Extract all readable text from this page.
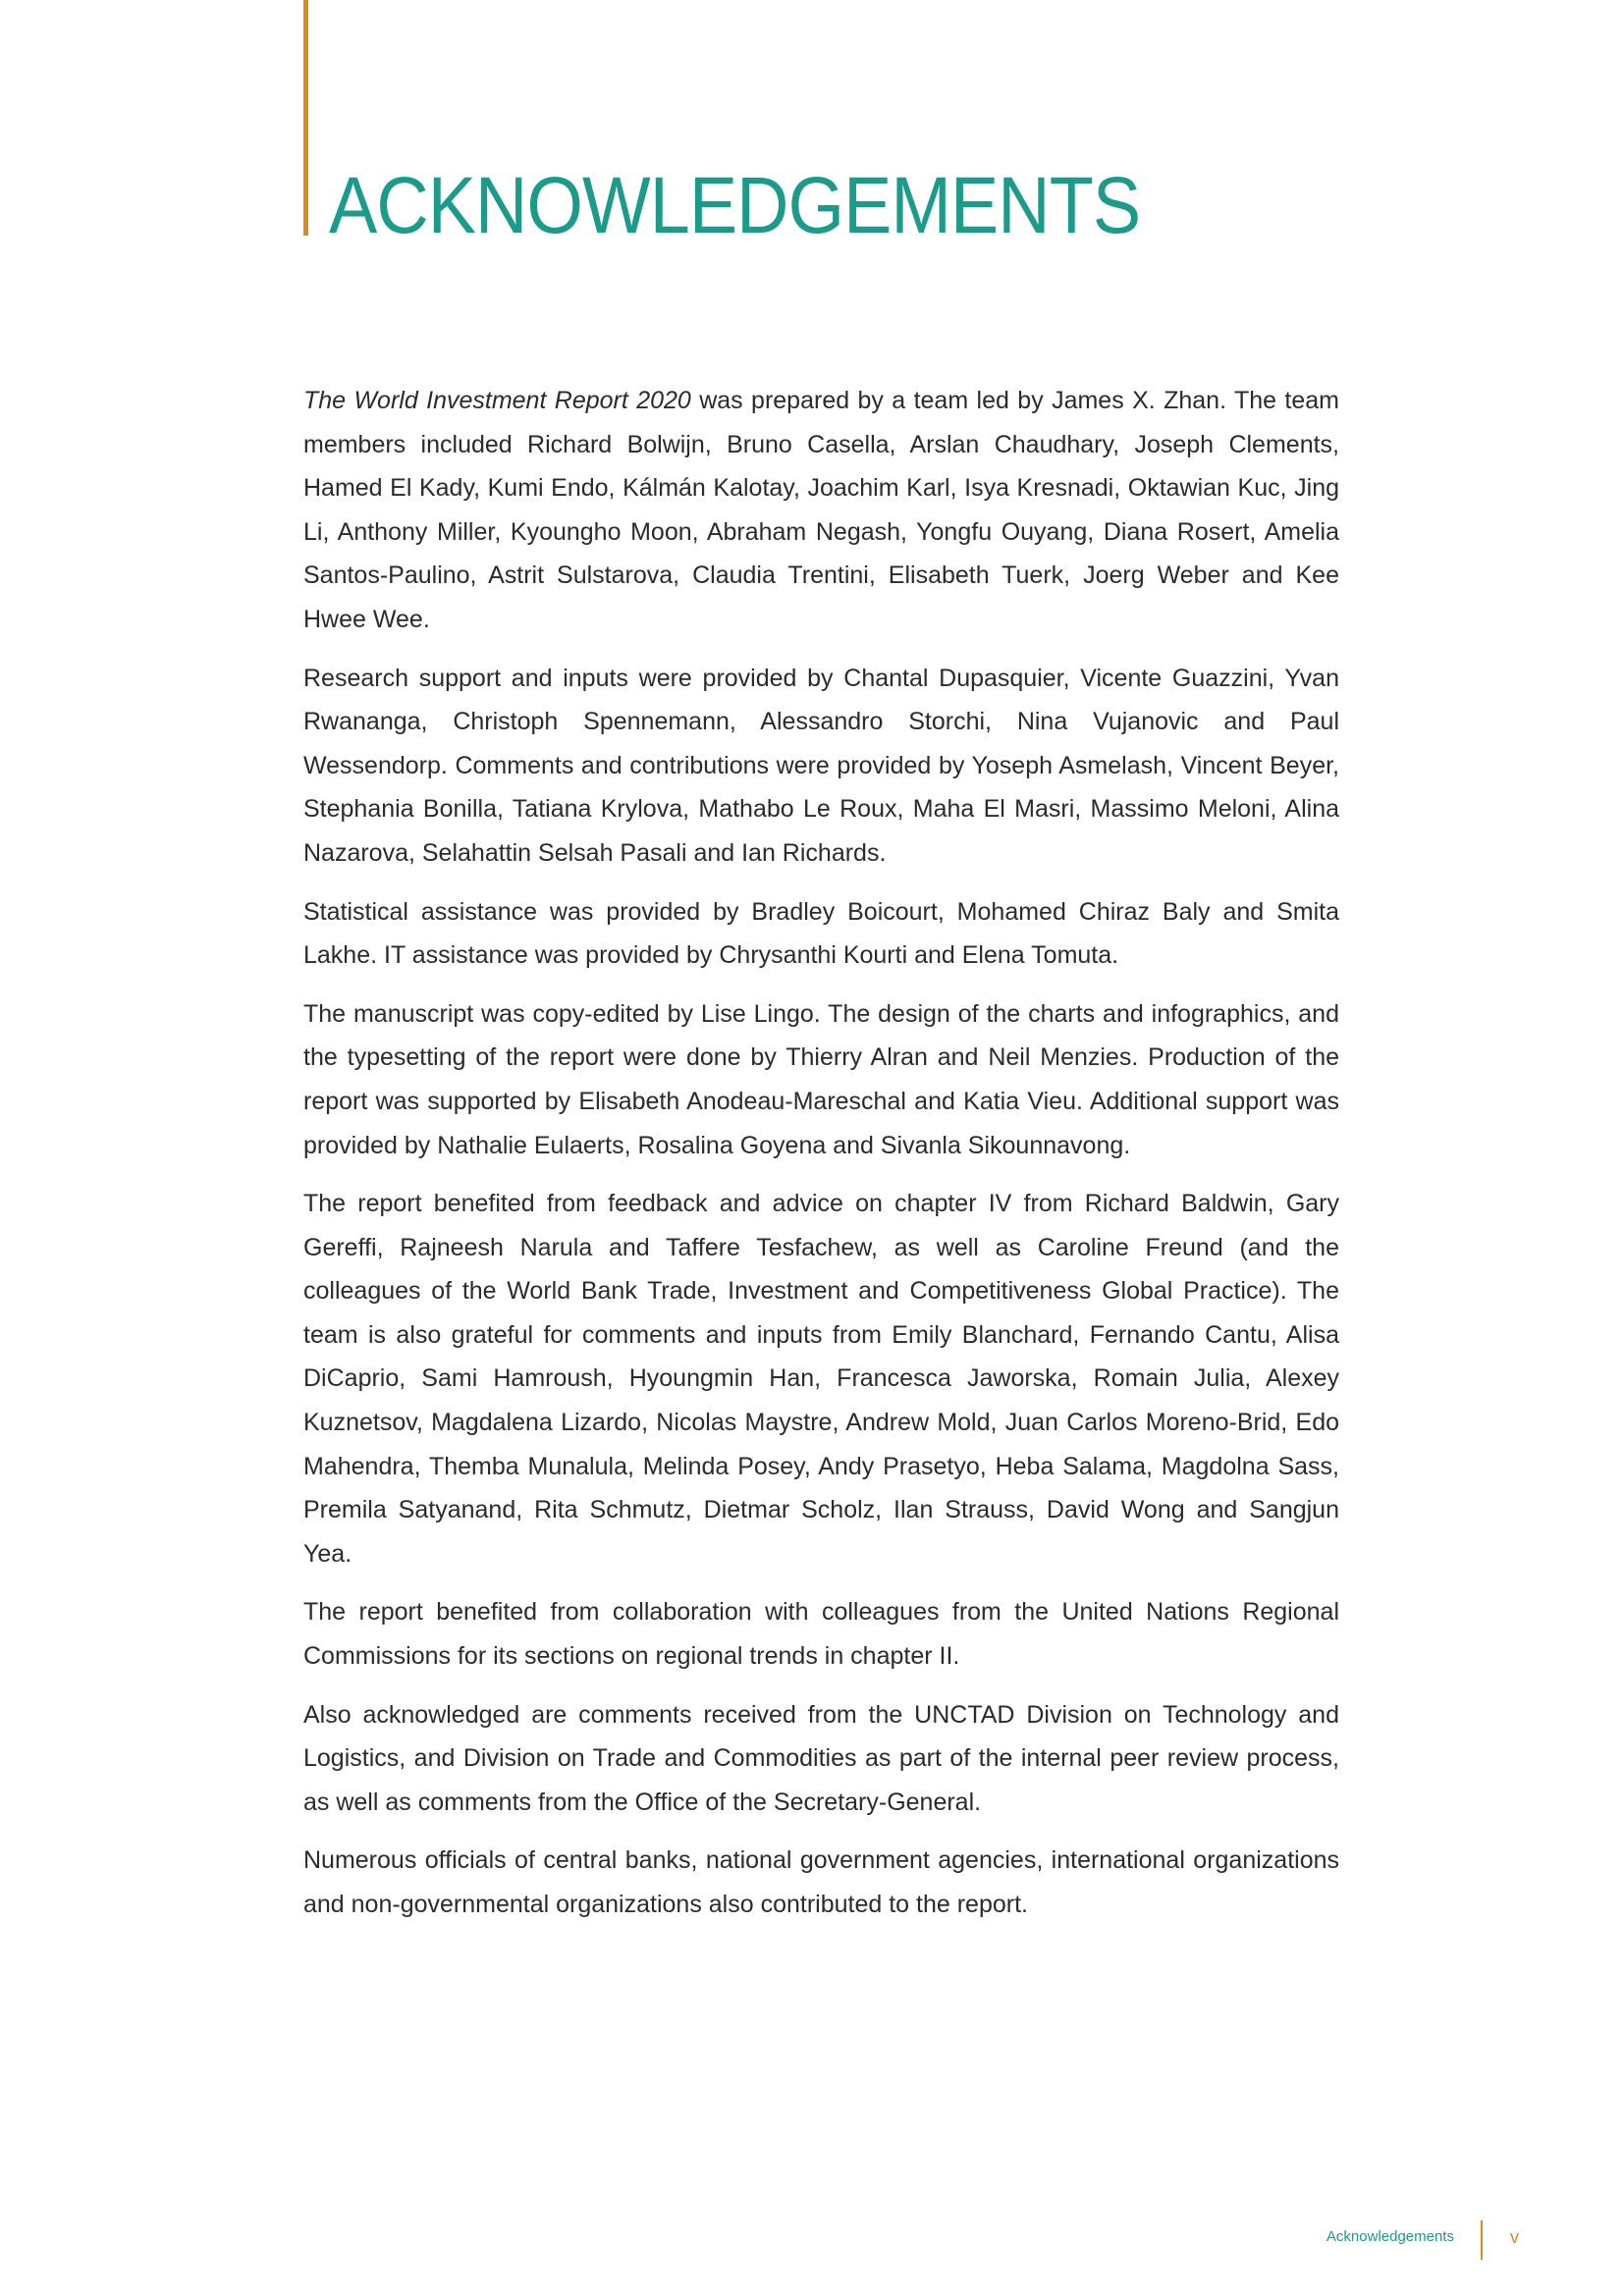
ACKNOWLEDGEMENTS

The World Investment Report 2020 was prepared by a team led by James X. Zhan. The team members included Richard Bolwijn, Bruno Casella, Arslan Chaudhary, Joseph Clements, Hamed El Kady, Kumi Endo, Kálmán Kalotay, Joachim Karl, Isya Kresnadi, Oktawian Kuc, Jing Li, Anthony Miller, Kyoungho Moon, Abraham Negash, Yongfu Ouyang, Diana Rosert, Amelia Santos-Paulino, Astrit Sulstarova, Claudia Trentini, Elisabeth Tuerk, Joerg Weber and Kee Hwee Wee.

Research support and inputs were provided by Chantal Dupasquier, Vicente Guazzini, Yvan Rwananga, Christoph Spennemann, Alessandro Storchi, Nina Vujanovic and Paul Wessendorp. Comments and contributions were provided by Yoseph Asmelash, Vincent Beyer, Stephania Bonilla, Tatiana Krylova, Mathabo Le Roux, Maha El Masri, Massimo Meloni, Alina Nazarova, Selahattin Selsah Pasali and Ian Richards.

Statistical assistance was provided by Bradley Boicourt, Mohamed Chiraz Baly and Smita Lakhe. IT assistance was provided by Chrysanthi Kourti and Elena Tomuta.

The manuscript was copy-edited by Lise Lingo. The design of the charts and infographics, and the typesetting of the report were done by Thierry Alran and Neil Menzies. Production of the report was supported by Elisabeth Anodeau-Mareschal and Katia Vieu. Additional support was provided by Nathalie Eulaerts, Rosalina Goyena and Sivanla Sikounnavong.

The report benefited from feedback and advice on chapter IV from Richard Baldwin, Gary Gereffi, Rajneesh Narula and Taffere Tesfachew, as well as Caroline Freund (and the colleagues of the World Bank Trade, Investment and Competitiveness Global Practice). The team is also grateful for comments and inputs from Emily Blanchard, Fernando Cantu, Alisa DiCaprio, Sami Hamroush, Hyoungmin Han, Francesca Jaworska, Romain Julia, Alexey Kuznetsov, Magdalena Lizardo, Nicolas Maystre, Andrew Mold, Juan Carlos Moreno-Brid, Edo Mahendra, Themba Munalula, Melinda Posey, Andy Prasetyo, Heba Salama, Magdolna Sass, Premila Satyanand, Rita Schmutz, Dietmar Scholz, Ilan Strauss, David Wong and Sangjun Yea.

The report benefited from collaboration with colleagues from the United Nations Regional Commissions for its sections on regional trends in chapter II.

Also acknowledged are comments received from the UNCTAD Division on Technology and Logistics, and Division on Trade and Commodities as part of the internal peer review process, as well as comments from the Office of the Secretary-General.

Numerous officials of central banks, national government agencies, international organizations and non-governmental organizations also contributed to the report.

Acknowledgements	v
